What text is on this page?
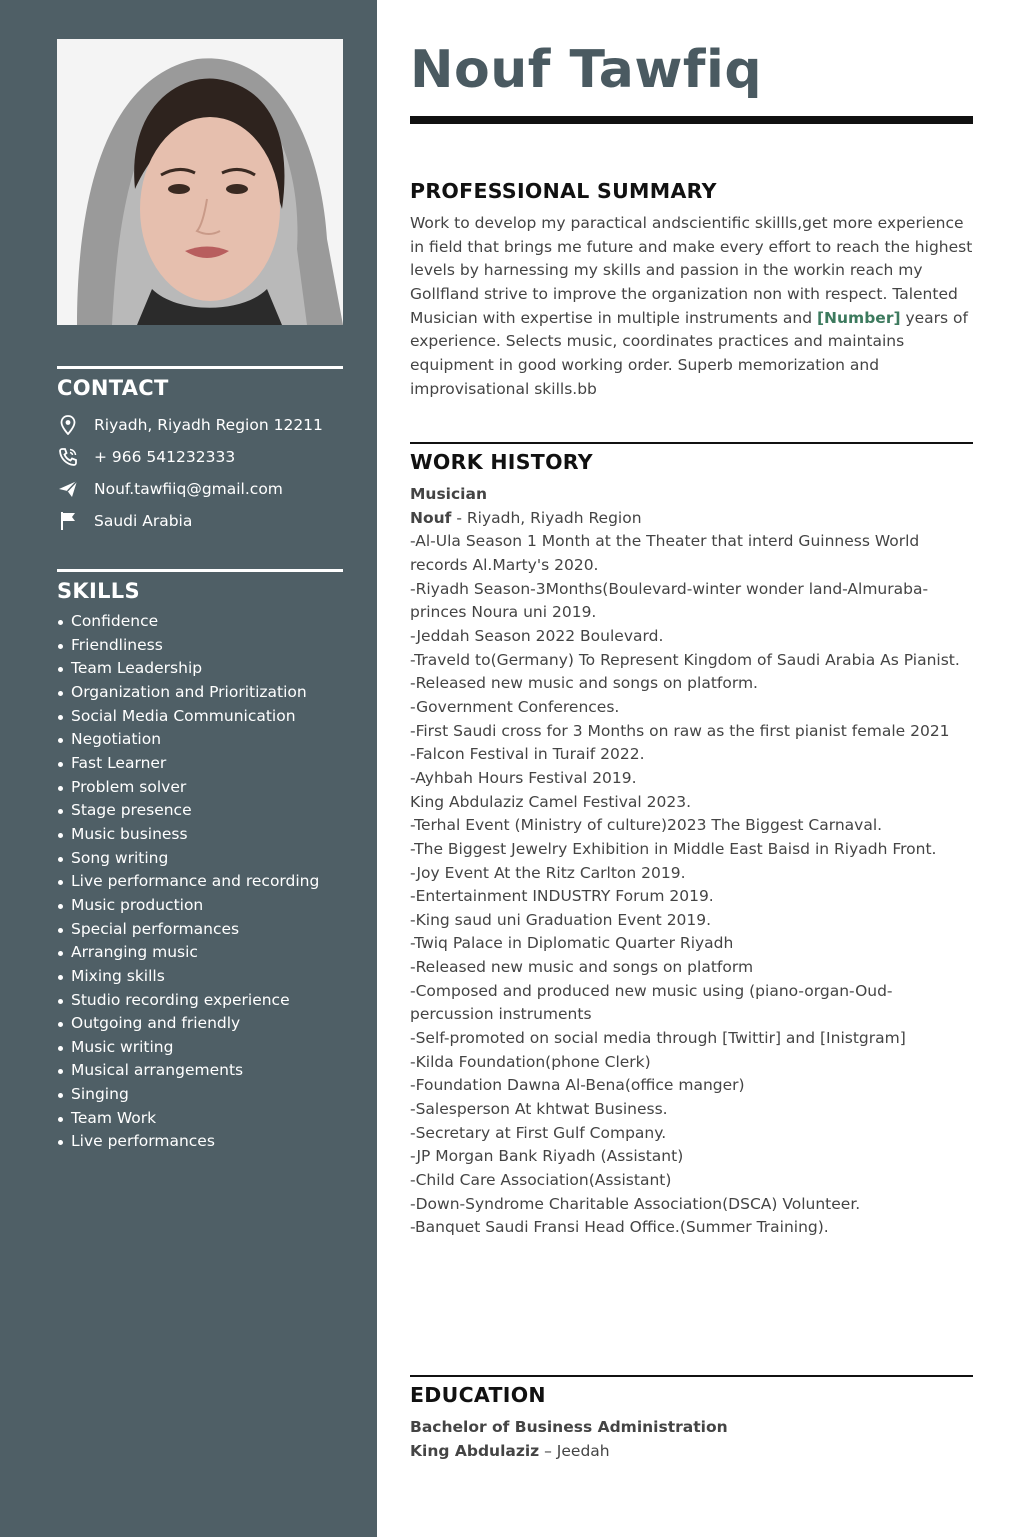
CONTACT
Riyadh, Riyadh Region 12211
+ 966 541232333
Nouf.tawfiiq@gmail.com
Saudi Arabia
SKILLS
Confidence
Friendliness
Team Leadership
Organization and Prioritization
Social Media Communication
Negotiation
Fast Learner
Problem solver
Stage presence
Music business
Song writing
Live performance and recording
Music production
Special performances
Arranging music
Mixing skills
Studio recording experience
Outgoing and friendly
Music writing
Musical arrangements
Singing
Team Work
Live performances
Nouf Tawfiq
PROFESSIONAL SUMMARY

Work to develop my paractical andscientific skillls,get more experience in field that brings me future and make every effort to reach the highest levels by harnessing my skills and passion in the workin reach my Gollfland strive to improve the organization non with respect. Talented Musician with expertise in multiple instruments and [Number] years of experience. Selects music, coordinates practices and maintains equipment in good working order. Superb memorization and improvisational skills.bb

WORK HISTORY
Musician
Nouf - Riyadh, Riyadh Region
-Al-Ula Season 1 Month at the Theater that interd Guinness World
records Al.Marty's 2020.
-Riyadh Season-3Months(Boulevard-winter wonder land-Almuraba-
princes Noura uni 2019.
-Jeddah Season 2022 Boulevard.
-Traveld to(Germany) To Represent Kingdom of Saudi Arabia As Pianist.
-Released new music and songs on platform.
-Government Conferences.
-First Saudi cross for 3 Months on raw as the first pianist female 2021
-Falcon Festival in Turaif 2022.
-Ayhbah Hours Festival 2019.
King Abdulaziz Camel Festival 2023.
-Terhal Event (Ministry of culture)2023 The Biggest Carnaval.
-The Biggest Jewelry Exhibition in Middle East Baisd in Riyadh Front.
-Joy Event At the Ritz Carlton 2019.
-Entertainment INDUSTRY Forum 2019.
-King saud uni Graduation Event 2019.
-Twiq Palace in Diplomatic Quarter Riyadh
-Released new music and songs on platform
-Composed and produced new music using (piano-organ-Oud-
percussion instruments
-Self-promoted on social media through [Twittir] and [Inistgram]
-Kilda Foundation(phone Clerk)
-Foundation Dawna Al-Bena(office manger)
-Salesperson At khtwat Business.
-Secretary at First Gulf Company.
-JP Morgan Bank Riyadh (Assistant)
-Child Care Association(Assistant)
-Down-Syndrome Charitable Association(DSCA) Volunteer.
-Banquet Saudi Fransi Head Office.(Summer Training).
EDUCATION
Bachelor of Business Administration
King Abdulaziz – Jeedah
